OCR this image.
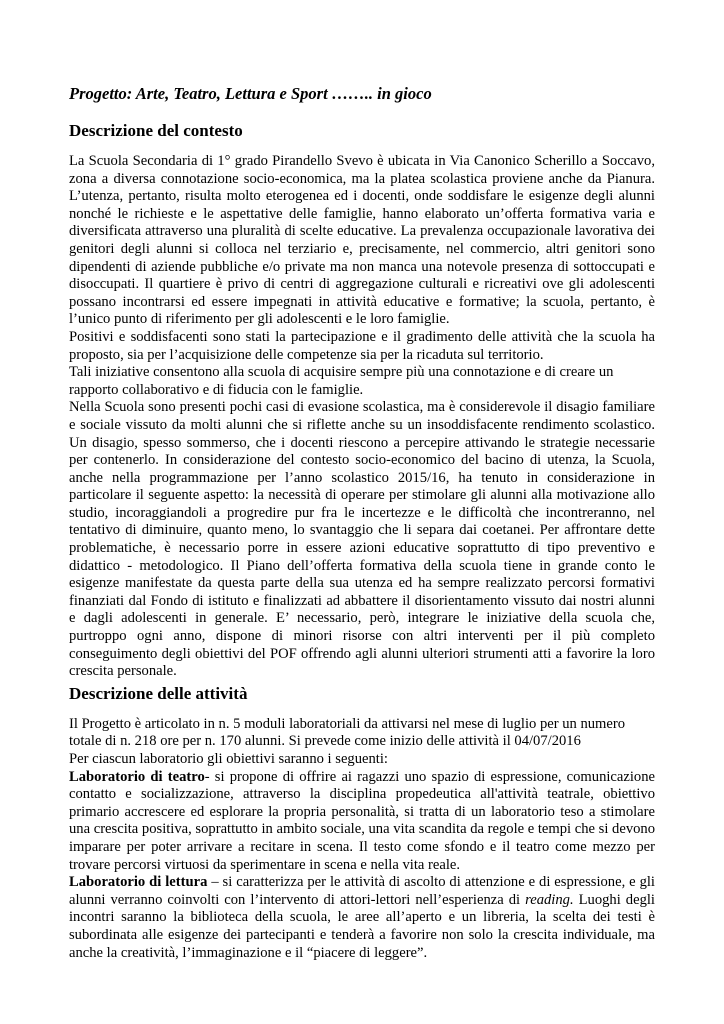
Progetto: Arte, Teatro, Lettura e Sport …….. in gioco
Descrizione del contesto

La Scuola Secondaria di 1° grado Pirandello Svevo è ubicata in Via Canonico Scherillo a Soccavo, zona a diversa connotazione socio-economica, ma la platea scolastica proviene anche da Pianura. L’utenza, pertanto, risulta molto eterogenea ed i docenti, onde soddisfare le esigenze degli alunni nonché le richieste e le aspettative delle famiglie, hanno elaborato un’offerta formativa varia e diversificata attraverso una pluralità di scelte educative. La prevalenza occupazionale lavorativa dei genitori degli alunni si colloca nel terziario e, precisamente, nel commercio, altri genitori sono dipendenti di aziende pubbliche e/o private ma non manca una notevole presenza di sottoccupati e disoccupati. Il quartiere è privo di centri di aggregazione culturali e ricreativi ove gli adolescenti possano incontrarsi ed essere impegnati in attività educative e formative; la scuola, pertanto, è l’unico punto di riferimento per gli adolescenti e le loro famiglie.

Positivi e soddisfacenti sono stati la partecipazione e il gradimento delle attività che la scuola ha proposto, sia per l’acquisizione delle competenze sia per la ricaduta sul territorio.

Tali iniziative consentono alla scuola di acquisire sempre più una connotazione e di creare un rapporto collaborativo e di fiducia con le famiglie.

Nella Scuola sono presenti pochi casi di evasione scolastica, ma è considerevole il disagio familiare e sociale vissuto da molti alunni che si riflette anche su un insoddisfacente rendimento scolastico. Un disagio, spesso sommerso, che i docenti riescono a percepire attivando le strategie necessarie per contenerlo. In considerazione del contesto socio-economico del bacino di utenza, la Scuola, anche nella programmazione per l’anno scolastico 2015/16, ha tenuto in considerazione in particolare il seguente aspetto: la necessità di operare per stimolare gli alunni alla motivazione allo studio, incoraggiandoli a progredire pur fra le incertezze e le difficoltà che incontreranno, nel tentativo di diminuire, quanto meno, lo svantaggio che li separa dai coetanei. Per affrontare dette problematiche, è necessario porre in essere azioni educative soprattutto di tipo preventivo e didattico - metodologico. Il Piano dell’offerta formativa della scuola tiene in grande conto le esigenze manifestate da questa parte della sua utenza ed ha sempre realizzato percorsi formativi finanziati dal Fondo di istituto e finalizzati ad abbattere il disorientamento vissuto dai nostri alunni e dagli adolescenti in generale. E’ necessario, però, integrare le iniziative della scuola che, purtroppo ogni anno, dispone di minori risorse con altri interventi per il più completo conseguimento degli obiettivi del POF offrendo agli alunni ulteriori strumenti atti a favorire la loro crescita personale.

Descrizione delle attività

Il Progetto è articolato in n. 5 moduli laboratoriali da attivarsi nel mese di luglio per un numero totale di n. 218 ore per n. 170 alunni. Si prevede come inizio delle attività il 04/07/2016

Per ciascun laboratorio gli obiettivi saranno i seguenti:

Laboratorio di teatro- si propone di offrire ai ragazzi uno spazio di espressione, comunicazione contatto e socializzazione, attraverso la disciplina propedeutica all'attività teatrale, obiettivo primario accrescere ed esplorare la propria personalità, si tratta di un laboratorio teso a stimolare una crescita positiva, soprattutto in ambito sociale, una vita scandita da regole e tempi che si devono imparare per poter arrivare a recitare in scena. Il testo come sfondo e il teatro come mezzo per trovare percorsi virtuosi da sperimentare in scena e nella vita reale.

Laboratorio di lettura – si caratterizza per le attività di ascolto di attenzione e di espressione, e gli alunni verranno coinvolti con l’intervento di attori-lettori nell’esperienza di reading. Luoghi degli incontri saranno la biblioteca della scuola, le aree all’aperto e un libreria, la scelta dei testi è subordinata alle esigenze dei partecipanti e tenderà a favorire non solo la crescita individuale, ma anche la creatività, l’immaginazione e il “piacere di leggere”.
